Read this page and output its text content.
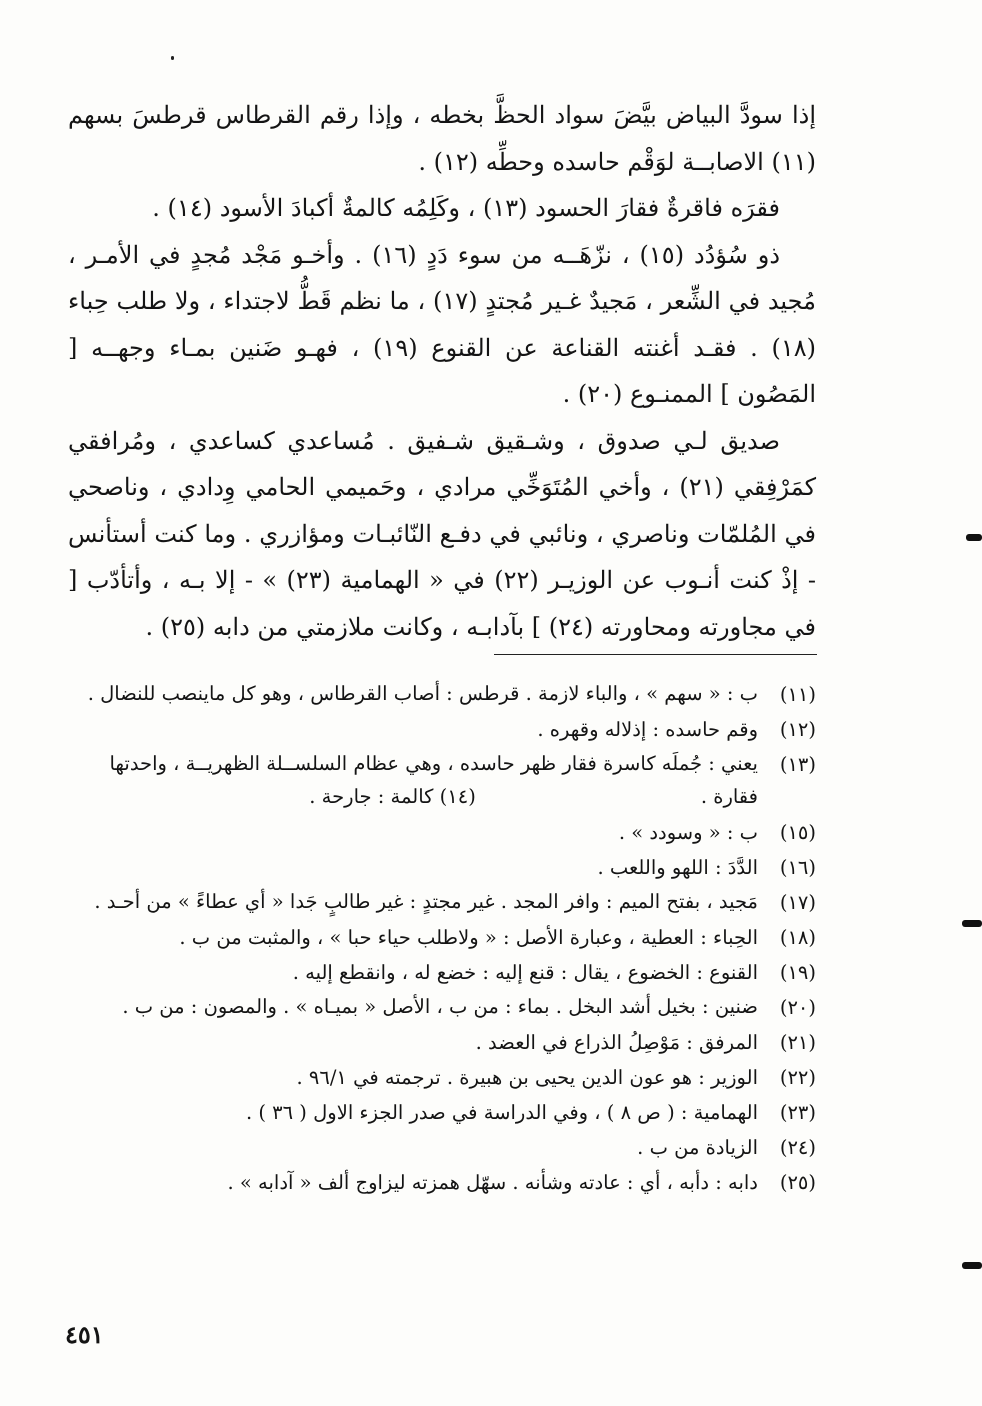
إذا سودَّ البياض بيَّضَ سواد الحظَّ بخطه ، وإذا رقم القرطاس قرطسَ بسهم (١١) الاصابــة لوَقْم حاسده وحطِّه (١٢) .

فقرَه فاقرةٌ فقارَ الحسود (١٣) ، وكَلِمُه كالمةٌ أكبادَ الأسود (١٤) .

ذو سُؤدُد (١٥) ، نزّهَــه من سوء دَدٍ (١٦) . وأخـو مَجْد مُجدٍ في الأمـر ، مُجيد في الشِّعر ، مَجيدٌ غـير مُجتدٍ (١٧) ، ما نظم قَطُّ لاجتداء ، ولا طلب حِباء (١٨) . فقـد أغنته القناعة عن القنوع (١٩) ، فهـو ضَنين بمـاء وجهــه [ المَصُون ] الممنـوع (٢٠) .

صديق لـي صدوق ، وشـقيق شـفيق . مُساعدي كساعدي ، ومُرافقي كمَرْفِقي (٢١) ، وأخي المُتَوَخِّي مرادي ، وحَميمي الحامي وِدادي ، وناصحي في المُلمّات وناصري ، ونائبي في دفـع النّائبـات ومؤازري . وما كنت أستأنس - إذْ كنت أنـوب عن الوزيـر (٢٢) في « الهمامية (٢٣) » - إلا بـه ، وأتأدّب [ في مجاورته ومحاورته (٢٤) ] بآدابـه ، وكانت ملازمتي من دابه (٢٥) .

(١١)
ب : « سهم » ، والباء لازمة . قرطس : أصاب القرطاس ، وهو كل ماينصب للنضال .
(١٢)
وقم حاسده : إذلاله وقهره .
(١٣)
يعني : جُملَه كاسرة فقار ظهر حاسده ، وهي عظام السلســلة الظهريــة ، واحدتها فقارة .(١٤) كالمة : جارحة .
(١٥)
ب : « وسودد » .
(١٦)
الدَّدَ : اللهو واللعب .
(١٧)
مَجيد ، بفتح الميم : وافر المجد . غير مجتدٍ : غير طالبٍ جَدا « أي عطاءً » من أحـد .
(١٨)
الحِباء : العطية ، وعبارة الأصل : « ولاطلب حياء حبا » ، والمثبت من ب .
(١٩)
القنوع : الخضوع ، يقال : قنع إليه : خضع له ، وانقطع إليه .
(٢٠)
ضنين : بخيل أشد البخل . بماء : من ب ، الأصل « بميـاه » . والمصون : من ب .
(٢١)
المرفق : مَوْصِلُ الذراع في العضد .
(٢٢)
الوزير : هو عون الدين يحيى بن هبيرة . ترجمته في ٩٦/١ .
(٢٣)
الهمامية : ( ص ٨ ) ، وفي الدراسة في صدر الجزء الاول ( ٣٦ ) .
(٢٤)
الزيادة من ب .
(٢٥)
دابه : دأبه ، أي : عادته وشأنه . سهّل همزته ليزاوج ألف « آدابه » .
٤٥١
